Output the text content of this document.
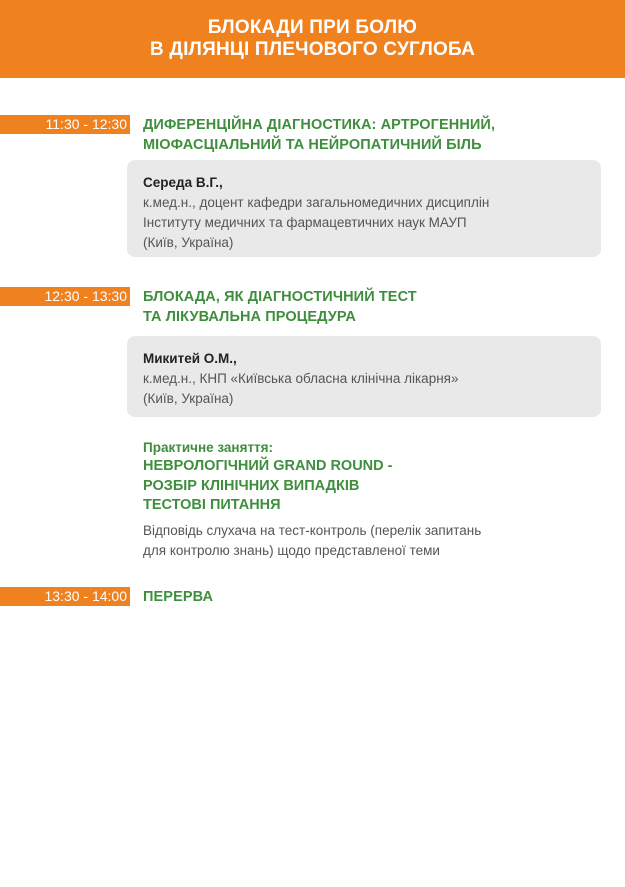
БЛОКАДИ ПРИ БОЛЮ
В ДІЛЯНЦІ ПЛЕЧОВОГО СУГЛОБА
11:30 - 12:30 ДИФЕРЕНЦІЙНА ДІАГНОСТИКА: АРТРОГЕННИЙ,
МІОФАСЦІАЛЬНИЙ ТА НЕЙРОПАТИЧНИЙ БІЛЬ
Середа В.Г.,
к.мед.н., доцент кафедри загальномедичних дисциплін
Інституту медичних та фармацевтичних наук МАУП
(Київ, Україна)
12:30 - 13:30 БЛОКАДА, ЯК ДІАГНОСТИЧНИЙ ТЕСТ
ТА ЛІКУВАЛЬНА ПРОЦЕДУРА
Микитей О.М.,
к.мед.н., КНП «Київська обласна клінічна лікарня»
(Київ, Україна)
Практичне заняття:
НЕВРОЛОГІЧНИЙ GRAND ROUND -
РОЗБІР КЛІНІЧНИХ ВИПАДКІВ
ТЕСТОВІ ПИТАННЯ
Відповідь слухача на тест-контроль (перелік запитань
для контролю знань) щодо представленої теми
13:30 - 14:00 ПЕРЕРВА
